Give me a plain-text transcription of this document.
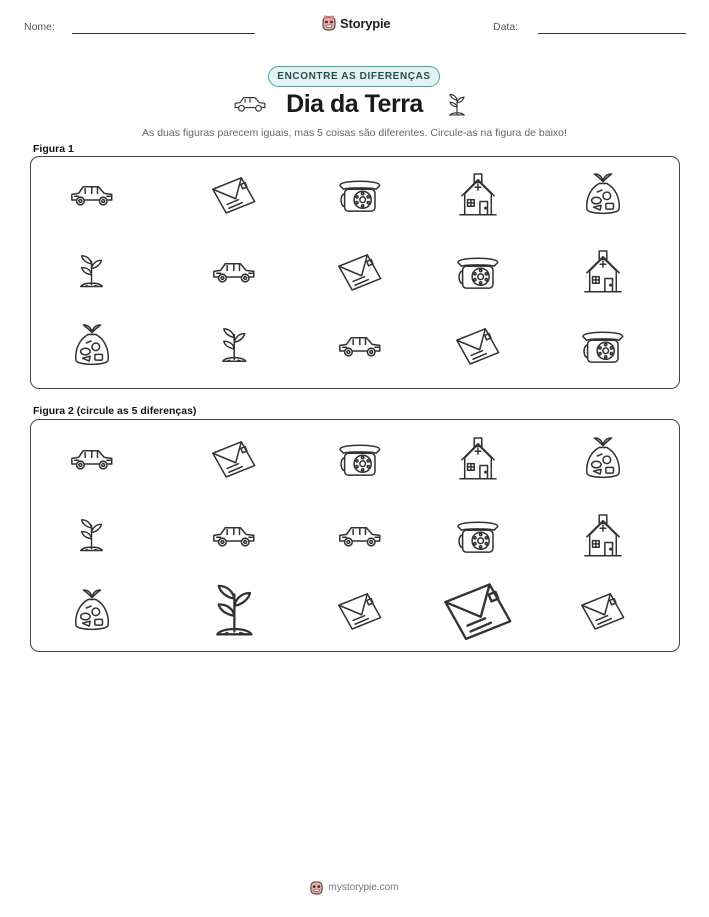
Nome:	Storypie	Data:
ENCONTRE AS DIFERENÇAS
Dia da Terra
As duas figuras parecem iguais, mas 5 coisas são diferentes. Circule-as na figura de baixo!
Figura 1
Figura 2 (circule as 5 diferenças)
mystorypie.com
